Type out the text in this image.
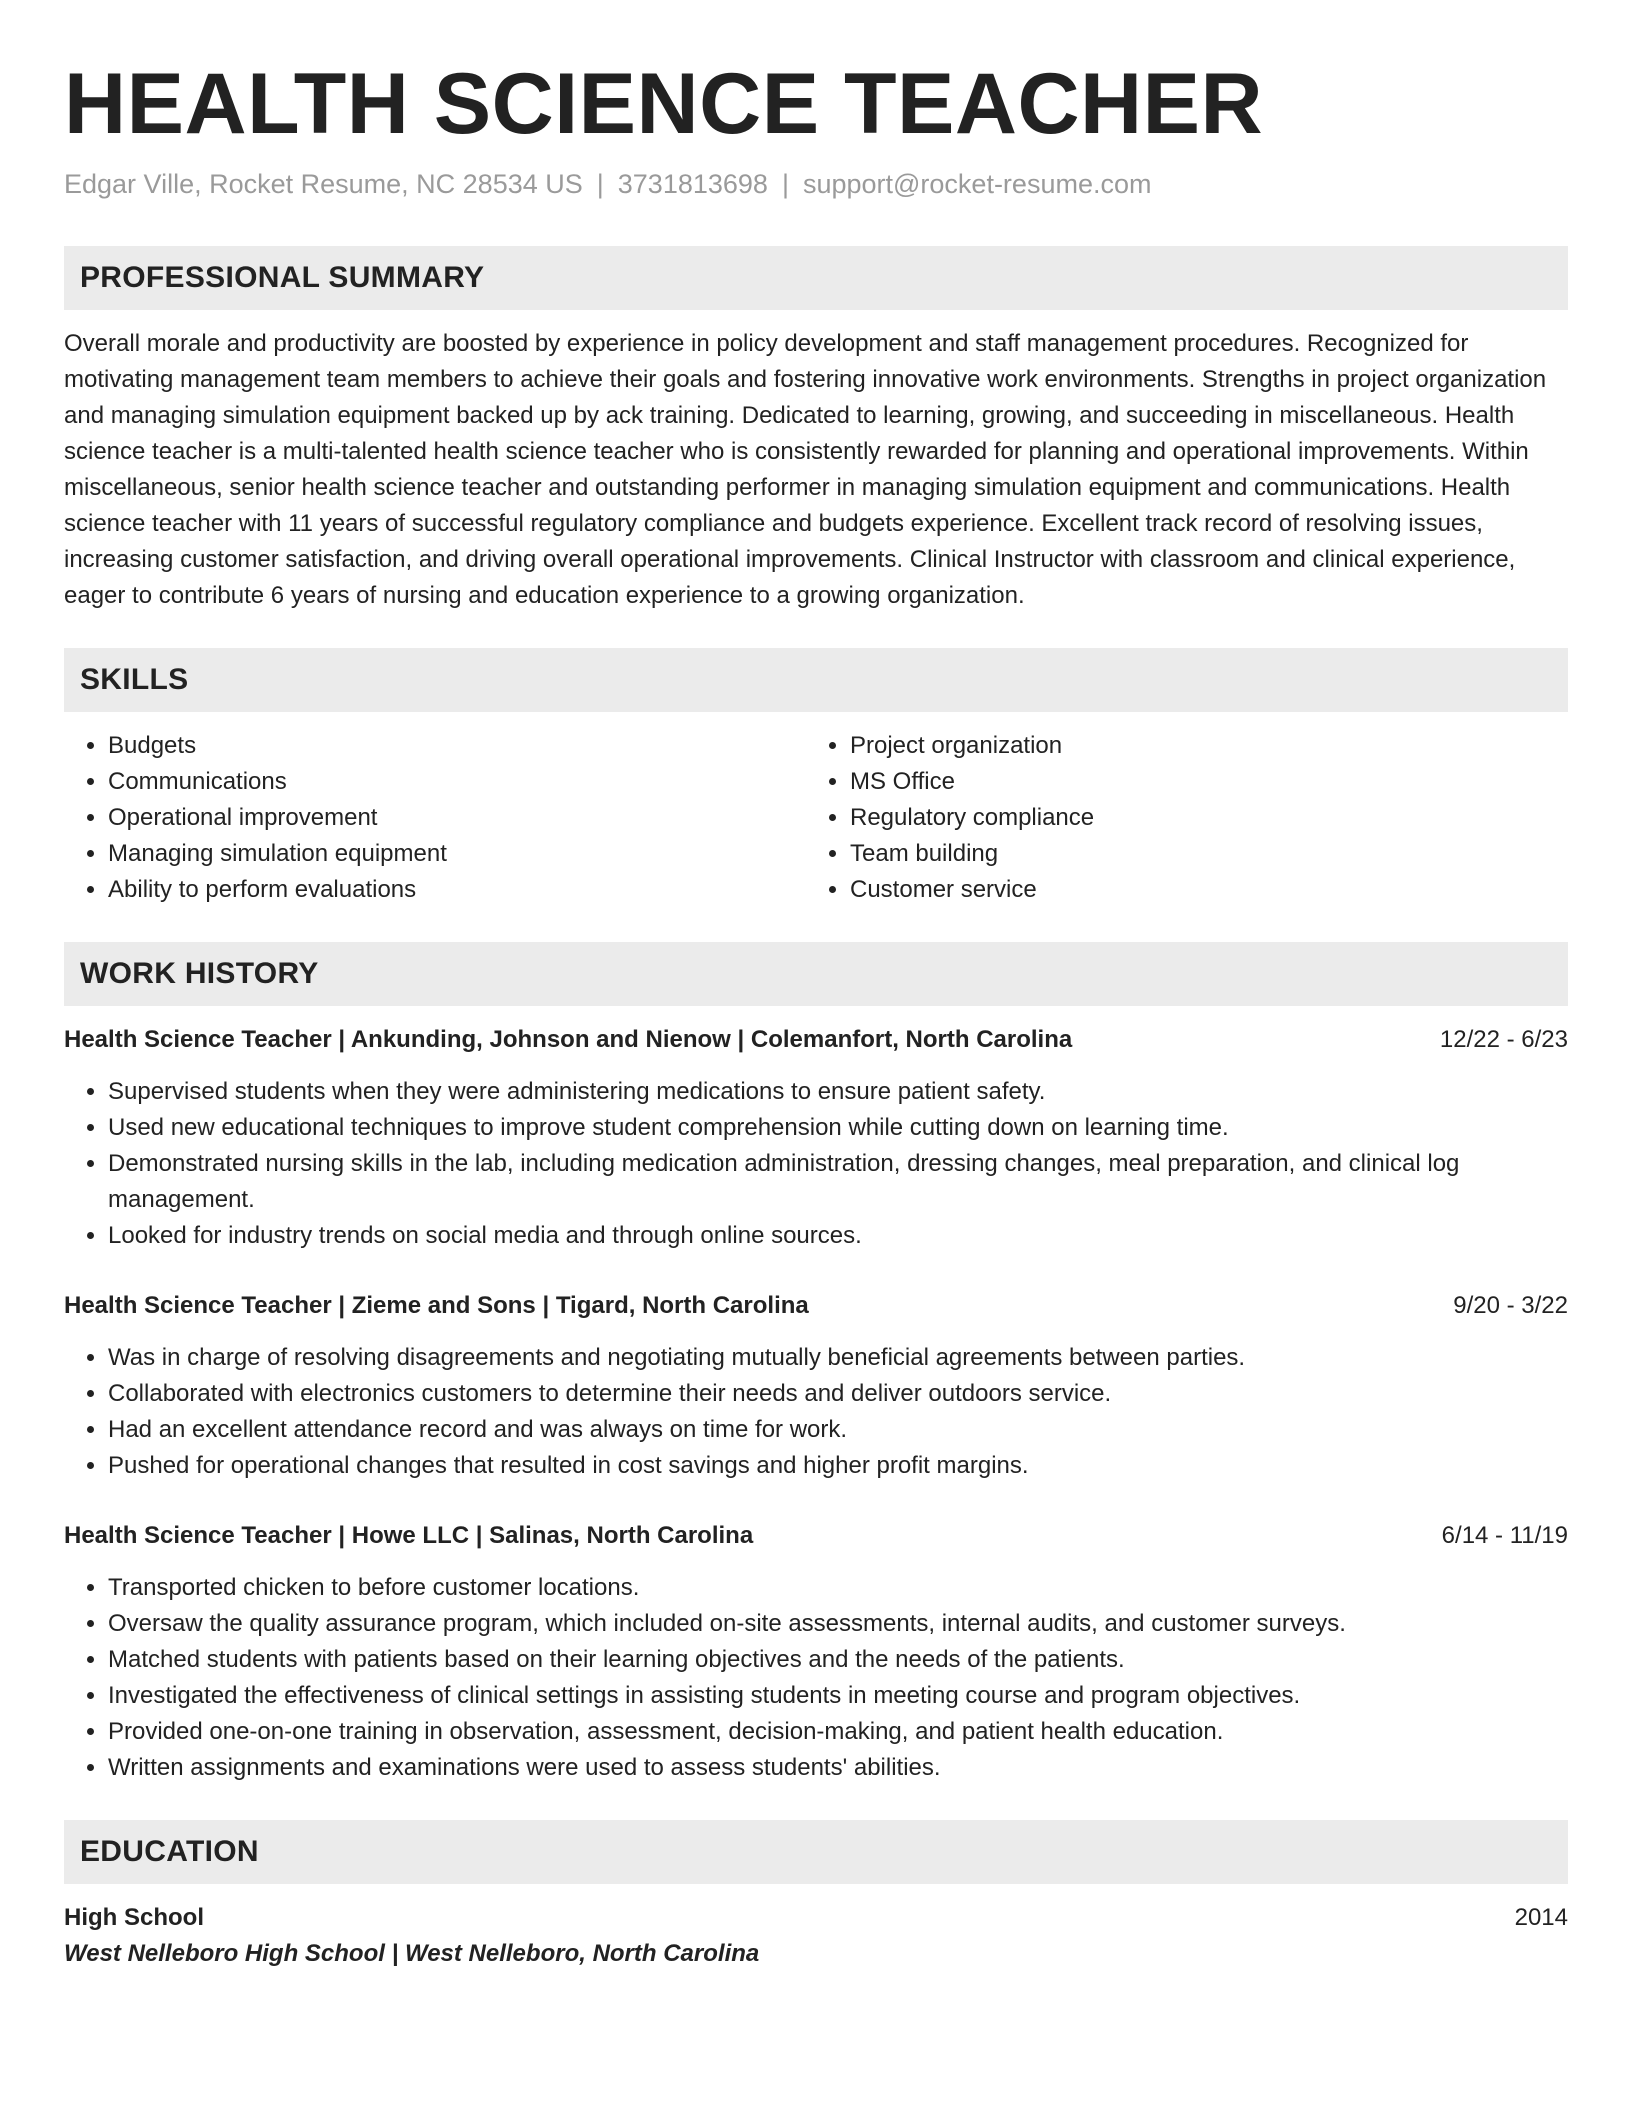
HEALTH SCIENCE TEACHER
Edgar Ville, Rocket Resume, NC 28534 US | 3731813698 | support@rocket-resume.com
PROFESSIONAL SUMMARY
Overall morale and productivity are boosted by experience in policy development and staff management procedures. Recognized for motivating management team members to achieve their goals and fostering innovative work environments. Strengths in project organization and managing simulation equipment backed up by ack training. Dedicated to learning, growing, and succeeding in miscellaneous. Health science teacher is a multi-talented health science teacher who is consistently rewarded for planning and operational improvements. Within miscellaneous, senior health science teacher and outstanding performer in managing simulation equipment and communications. Health science teacher with 11 years of successful regulatory compliance and budgets experience. Excellent track record of resolving issues, increasing customer satisfaction, and driving overall operational improvements. Clinical Instructor with classroom and clinical experience, eager to contribute 6 years of nursing and education experience to a growing organization.
SKILLS
• Budgets
• Communications
• Operational improvement
• Managing simulation equipment
• Ability to perform evaluations
• Project organization
• MS Office
• Regulatory compliance
• Team building
• Customer service
WORK HISTORY
Health Science Teacher | Ankunding, Johnson and Nienow | Colemanfort, North Carolina	12/22 - 6/23
• Supervised students when they were administering medications to ensure patient safety.
• Used new educational techniques to improve student comprehension while cutting down on learning time.
• Demonstrated nursing skills in the lab, including medication administration, dressing changes, meal preparation, and clinical log management.
• Looked for industry trends on social media and through online sources.
Health Science Teacher | Zieme and Sons | Tigard, North Carolina	9/20 - 3/22
• Was in charge of resolving disagreements and negotiating mutually beneficial agreements between parties.
• Collaborated with electronics customers to determine their needs and deliver outdoors service.
• Had an excellent attendance record and was always on time for work.
• Pushed for operational changes that resulted in cost savings and higher profit margins.
Health Science Teacher | Howe LLC | Salinas, North Carolina	6/14 - 11/19
• Transported chicken to before customer locations.
• Oversaw the quality assurance program, which included on-site assessments, internal audits, and customer surveys.
• Matched students with patients based on their learning objectives and the needs of the patients.
• Investigated the effectiveness of clinical settings in assisting students in meeting course and program objectives.
• Provided one-on-one training in observation, assessment, decision-making, and patient health education.
• Written assignments and examinations were used to assess students' abilities.
EDUCATION
High School	2014
West Nelleboro High School | West Nelleboro, North Carolina
